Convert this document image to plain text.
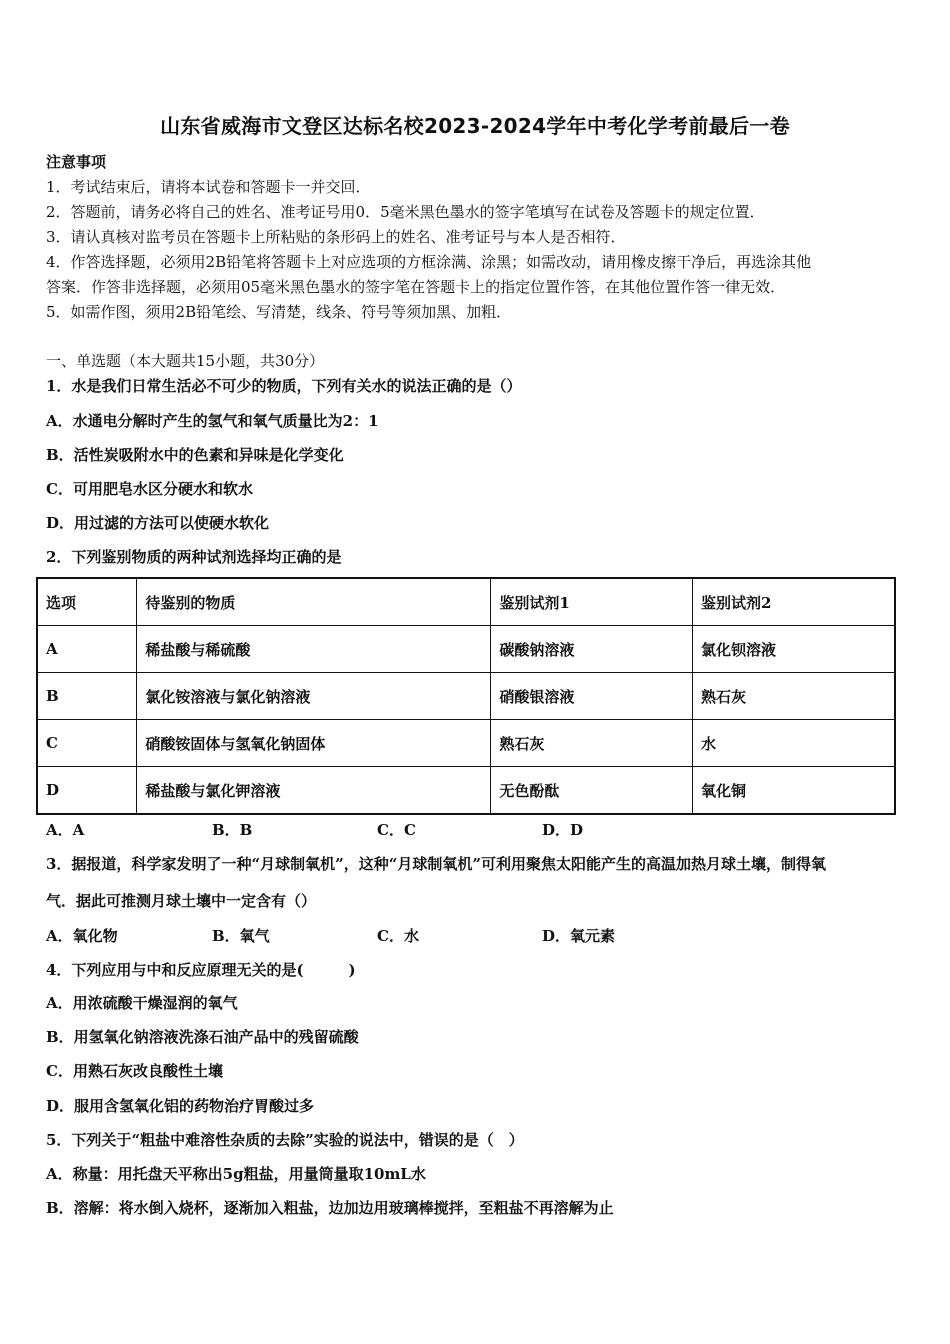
山东省威海市文登区达标名校2023-2024学年中考化学考前最后一卷
注意事项
1．考试结束后，请将本试卷和答题卡一并交回．
2．答题前，请务必将自己的姓名、准考证号用0．5毫米黑色墨水的签字笔填写在试卷及答题卡的规定位置．
3．请认真核对监考员在答题卡上所粘贴的条形码上的姓名、准考证号与本人是否相符．
4．作答选择题，必须用2B铅笔将答题卡上对应选项的方框涂满、涂黑；如需改动，请用橡皮擦干净后，再选涂其他
答案．作答非选择题，必须用05毫米黑色墨水的签字笔在答题卡上的指定位置作答，在其他位置作答一律无效．
5．如需作图，须用2B铅笔绘、写清楚，线条、符号等须加黑、加粗．
一、单选题（本大题共15小题，共30分）
1．水是我们日常生活必不可少的物质，下列有关水的说法正确的是（）
A．水通电分解时产生的氢气和氧气质量比为2：1
B．活性炭吸附水中的色素和异味是化学变化
C．可用肥皂水区分硬水和软水
D．用过滤的方法可以使硬水软化
2．下列鉴别物质的两种试剂选择均正确的是
选项	待鉴别的物质	鉴别试剂1	鉴别试剂2
A	稀盐酸与稀硫酸	碳酸钠溶液	氯化钡溶液
B	氯化铵溶液与氯化钠溶液	硝酸银溶液	熟石灰
C	硝酸铵固体与氢氧化钠固体	熟石灰	水
D	稀盐酸与氯化钾溶液	无色酚酞	氧化铜
A．A	B．B	C．C	D．D
3．据报道，科学家发明了一种“月球制氧机”，这种“月球制氧机”可利用聚焦太阳能产生的高温加热月球土壤，制得氧
气．据此可推测月球土壤中一定含有（）
A．氧化物	B．氧气	C．水	D．氧元素
4．下列应用与中和反应原理无关的是(　　　)
A．用浓硫酸干燥湿润的氧气
B．用氢氧化钠溶液洗涤石油产品中的残留硫酸
C．用熟石灰改良酸性土壤
D．服用含氢氧化铝的药物治疗胃酸过多
5．下列关于“粗盐中难溶性杂质的去除”实验的说法中，错误的是（　）
A．称量：用托盘天平称出5g粗盐，用量筒量取10mL水
B．溶解：将水倒入烧杯，逐渐加入粗盐，边加边用玻璃棒搅拌，至粗盐不再溶解为止
